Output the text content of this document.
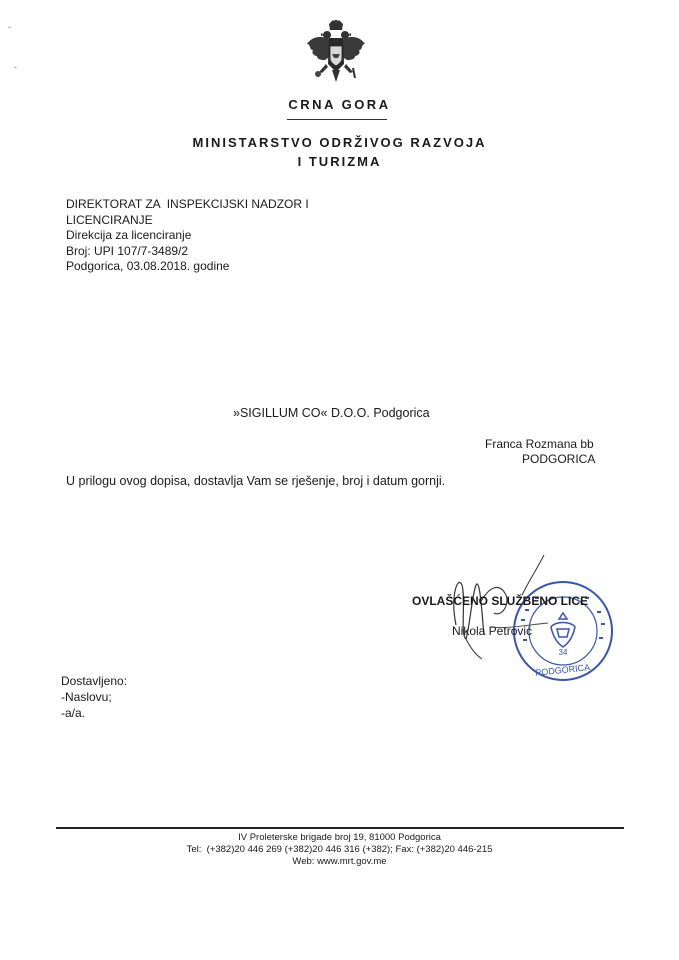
-
-
CRNA GORA
MINISTARSTVO ODRŽIVOG RAZVOJA
I TURIZMA
DIREKTORAT ZA  INSPEKCIJSKI NADZOR I
LICENCIRANJE
Direkcija za licenciranje
Broj: UPI 107/7-3489/2
Podgorica, 03.08.2018. godine
»SIGILLUM CO« D.O.O. Podgorica
Franca Rozmana bb
PODGORICA
U prilogu ovog dopisa, dostavlja Vam se rješenje, broj i datum gornji.
34
PODGORICA
OVLAŠĆENO SLUŽBENO LICE
Nikola Petrović
Dostavljeno:
-Naslovu;
-a/a.
IV Proleterske brigade broj 19, 81000 Podgorica
Tel:  (+382)20 446 269 (+382)20 446 316 (+382); Fax: (+382)20 446-215
Web: www.mrt.gov.me
